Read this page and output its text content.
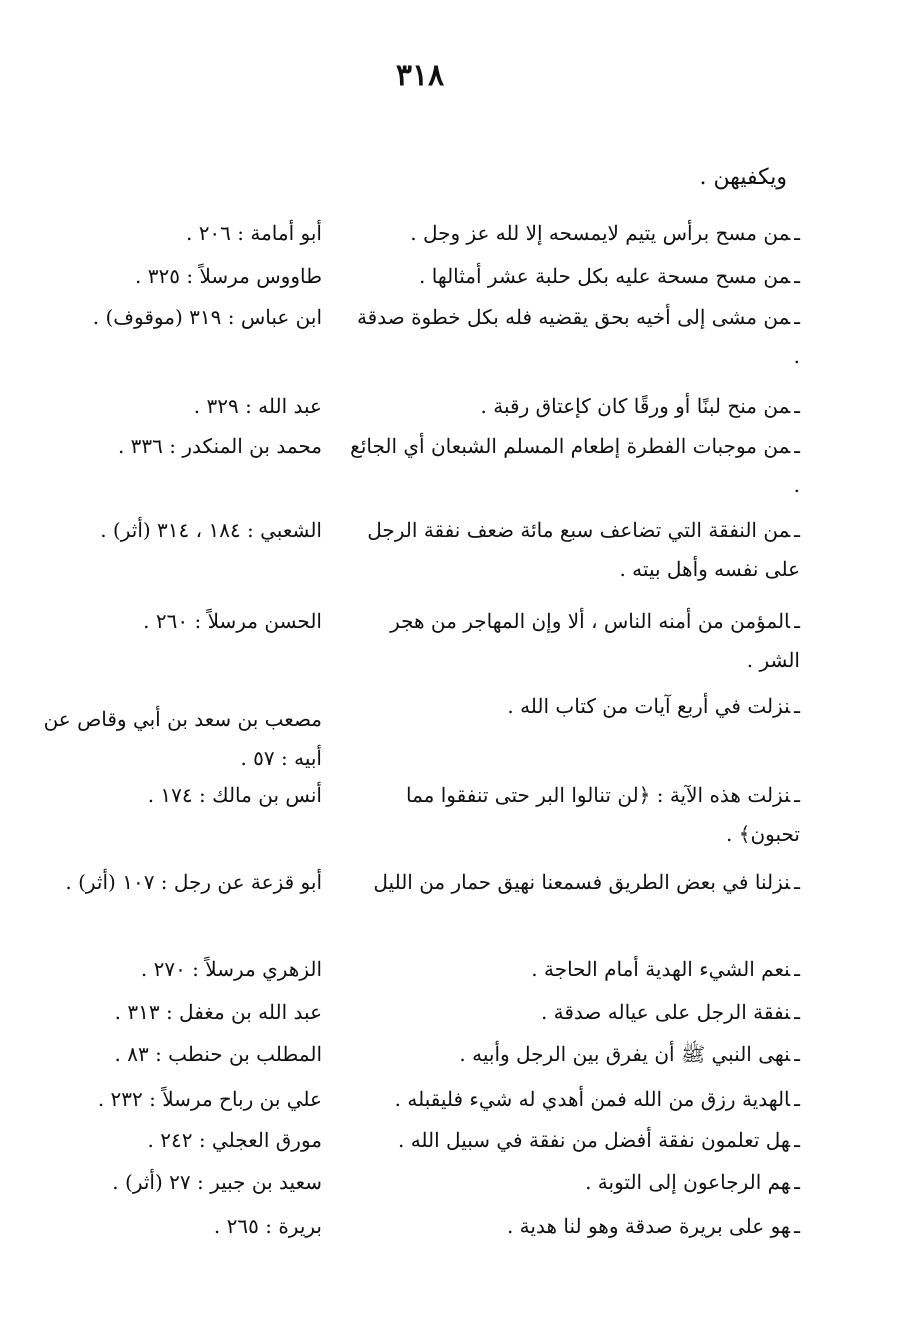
٣١٨
ويكفيهن .
ـمن مسح برأس يتيم لايمسحه إلا لله عز وجل .
أبو أمامة : ٢٠٦ .
ـمن مسح مسحة عليه بكل حلبة عشر أمثالها .
طاووس مرسلاً : ٣٢٥ .
ـمن مشى إلى أخيه بحق يقضيه فله بكل خطوة صدقة .
ابن عباس : ٣١٩ (موقوف) .
ـمن منح لبنًا أو ورقًا كان كإعتاق رقبة .
عبد الله : ٣٢٩ .
ـمن موجبات الفطرة إطعام المسلم الشبعان أي الجائع .
محمد بن المنكدر : ٣٣٦ .
ـمن النفقة التي تضاعف سبع مائة ضعف نفقة الرجل على نفسه وأهل بيته .
الشعبي : ١٨٤ ، ٣١٤ (أثر) .
ـالمؤمن من أمنه الناس ، ألا وإن المهاجر من هجر الشر .
الحسن مرسلاً : ٢٦٠ .
ـنزلت في أربع آيات من كتاب الله .
مصعب بن سعد بن أبي وقاص عن أبيه : ٥٧ .
ـنزلت هذه الآية : ﴿لن تنالوا البر حتى تنفقوا مما تحبون﴾ .
أنس بن مالك : ١٧٤ .
ـنزلنا في بعض الطريق فسمعنا نهيق حمار من الليل
أبو قزعة عن رجل : ١٠٧ (أثر) .
ـنعم الشيء الهدية أمام الحاجة .
الزهري مرسلاً : ٢٧٠ .
ـنفقة الرجل على عياله صدقة .
عبد الله بن مغفل : ٣١٣ .
ـنهى النبي ﷺ أن يفرق بين الرجل وأبيه .
المطلب بن حنطب : ٨٣ .
ـالهدية رزق من الله فمن أهدي له شيء فليقبله .
علي بن رباح مرسلاً : ٢٣٢ .
ـهل تعلمون نفقة أفضل من نفقة في سبيل الله .
مورق العجلي : ٢٤٢ .
ـهم الرجاعون إلى التوبة .
سعيد بن جبير : ٢٧ (أثر) .
ـهو على بريرة صدقة وهو لنا هدية .
بريرة : ٢٦٥ .
